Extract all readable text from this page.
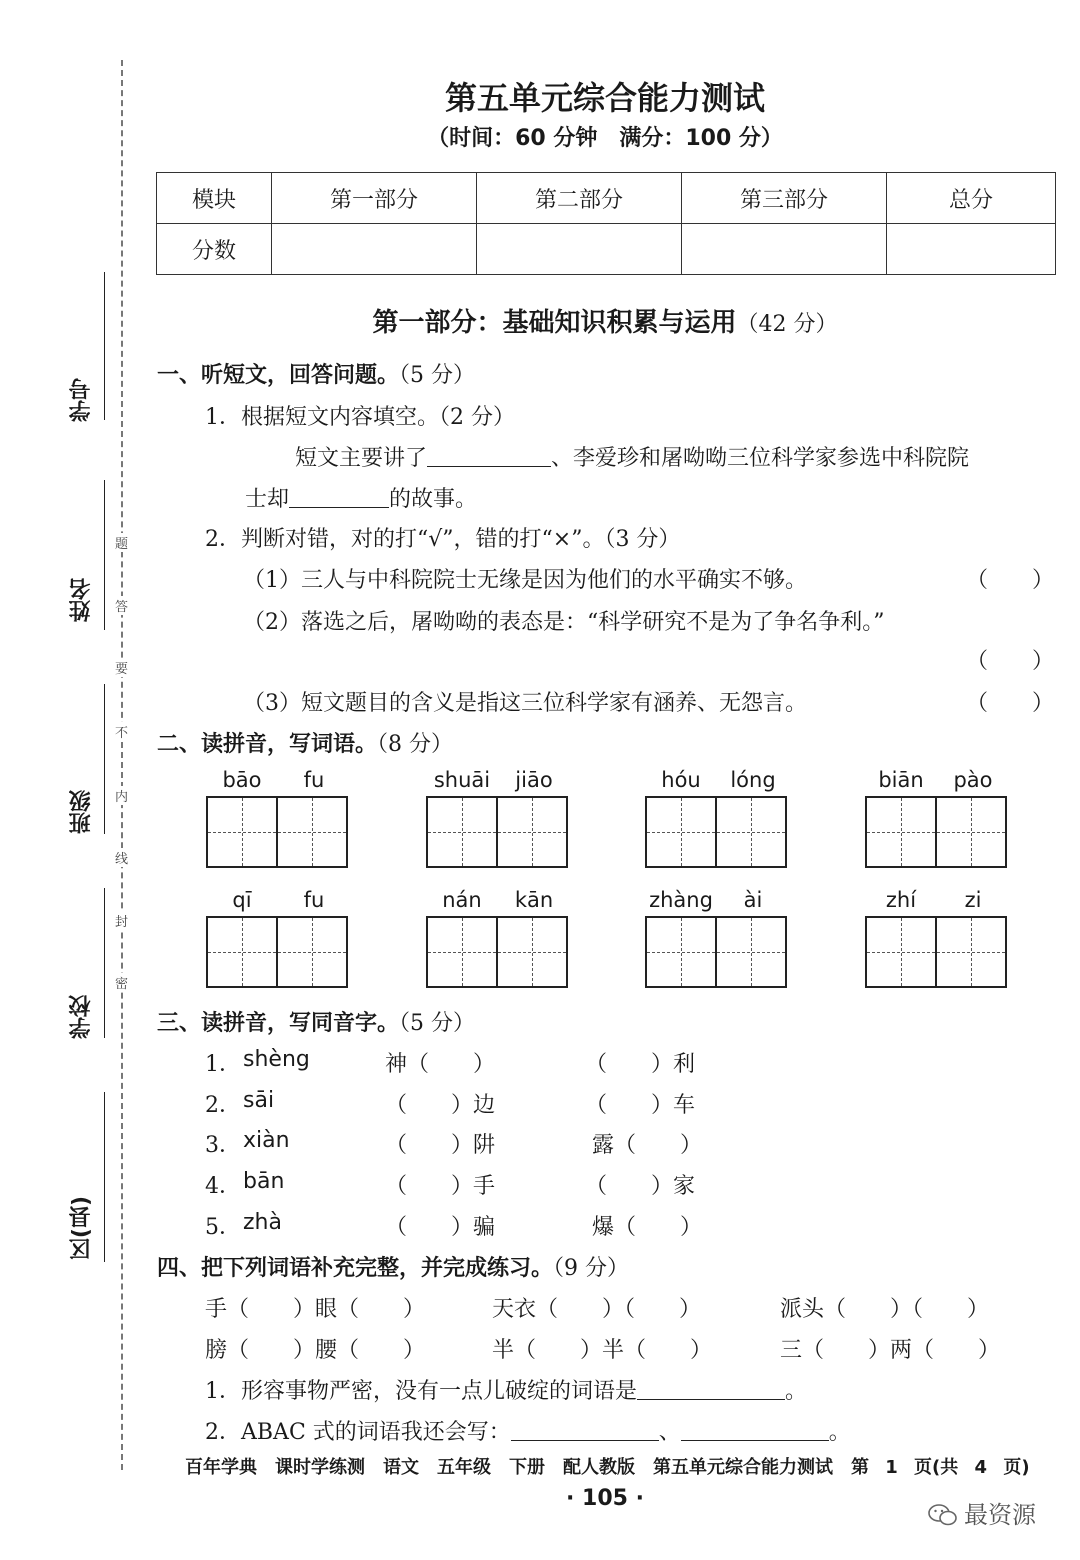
学号
姓名
班级
学校
区(县)
题
答
要
不
内
线
封
密
第五单元综合能力测试
（时间：60 分钟　满分：100 分）
模块	第一部分	第二部分	第三部分	总分
分数				
第一部分：基础知识积累与运用（42 分）
一、听短文，回答问题。（5 分）
1．根据短文内容填空。（2 分）
短文主要讲了	、李爱珍和屠呦呦三位科学家参选中科院院
士却	的故事。
2．判断对错，对的打“√”，错的打“×”。（3 分）
（1）三人与中科院院士无缘是因为他们的水平确实不够。	（　　）
（2）落选之后，屠呦呦的表态是：“科学研究不是为了争名争利。”
（　　）
（3）短文题目的含义是指这三位科学家有涵养、无怨言。	（　　）
二、读拼音，写词语。（8 分）
bāo	fu	shuāi	jiāo	hóu	lóng	biān	pào
qī	fu	nán	kān	zhàng	ài	zhí	zi
三、读拼音，写同音字。（5 分）
1． shèng	神（　　）	（　　）利
2． sāi	（　　）边	（　　）车
3． xiàn	（　　）阱	露（　　）
4． bān	（　　）手	（　　）家
5． zhà	（　　）骗	爆（　　）
四、把下列词语补充完整，并完成练习。（9 分）
手（　　）眼（　　）	天衣（　　）（　　）	派头（　　）（　　）
膀（　　）腰（　　）	半（　　）半（　　）	三（　　）两（　　）
1．形容事物严密，没有一点儿破绽的词语是	。
2．ABAC 式的词语我还会写：	、	。
百年学典　课时学练测　语文　五年级　下册　配人教版　第五单元综合能力测试　第 1 页(共 4 页)
· 105 ·
最资源
